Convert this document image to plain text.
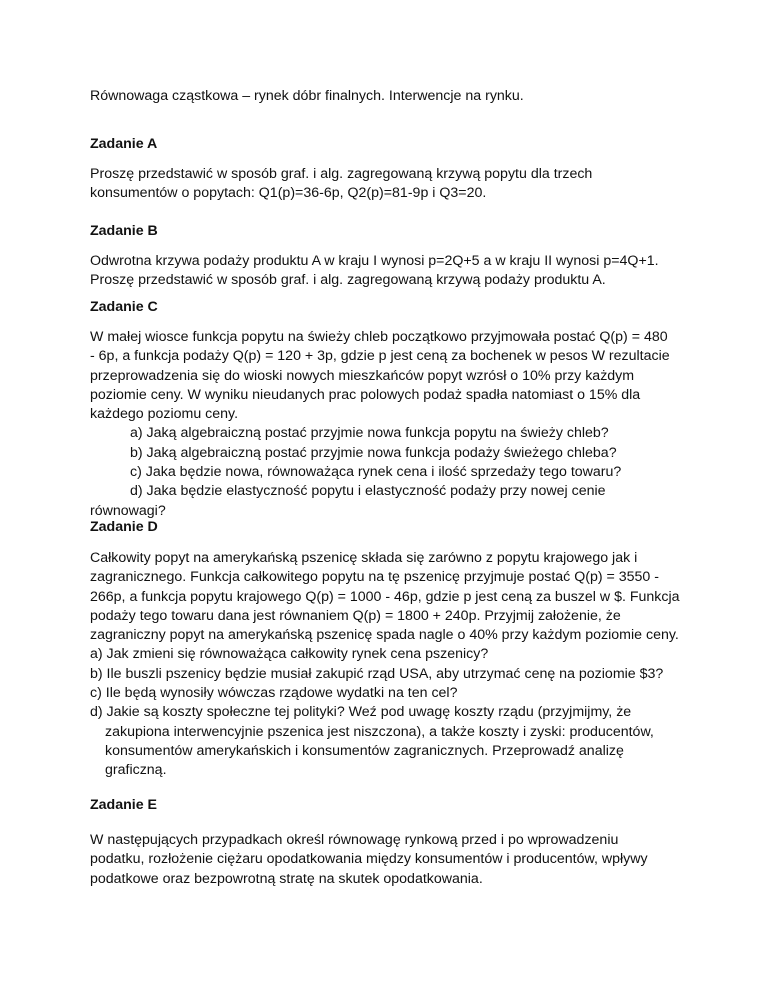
Równowaga cząstkowa – rynek dóbr finalnych. Interwencje na rynku.

Zadanie A

Proszę przedstawić w sposób graf. i alg. zagregowaną krzywą popytu dla trzech

konsumentów o popytach: Q1(p)=36-6p, Q2(p)=81-9p i Q3=20.

Zadanie B

Odwrotna krzywa podaży produktu A w kraju I wynosi p=2Q+5 a w kraju II wynosi p=4Q+1.

Proszę przedstawić w sposób graf. i alg. zagregowaną krzywą podaży produktu A.

Zadanie C

W małej wiosce funkcja popytu na świeży chleb początkowo przyjmowała postać Q(p) = 480

- 6p, a funkcja podaży Q(p) = 120 + 3p, gdzie p jest ceną za bochenek w pesos W rezultacie

przeprowadzenia się do wioski nowych mieszkańców popyt wzrósł o 10% przy każdym

poziomie ceny. W wyniku nieudanych prac polowych podaż spadła natomiast o 15% dla

każdego poziomu ceny.

a) Jaką algebraiczną postać przyjmie nowa funkcja popytu na świeży chleb?

b) Jaką algebraiczną postać przyjmie nowa funkcja podaży świeżego chleba?

c) Jaka będzie nowa, równoważąca rynek cena i ilość sprzedaży tego towaru?

d) Jaka będzie elastyczność popytu i elastyczność podaży przy nowej cenie

równowagi?

Zadanie D

Całkowity popyt na amerykańską pszenicę składa się zarówno z popytu krajowego jak i

zagranicznego. Funkcja całkowitego popytu na tę pszenicę przyjmuje postać Q(p) = 3550 -

266p, a funkcja popytu krajowego Q(p) = 1000 - 46p, gdzie p jest ceną za buszel w $. Funkcja

podaży tego towaru dana jest równaniem Q(p) = 1800 + 240p. Przyjmij założenie, że

zagraniczny popyt na amerykańską pszenicę spada nagle o 40% przy każdym poziomie ceny.

a) Jak zmieni się równoważąca całkowity rynek cena pszenicy?

b) Ile buszli pszenicy będzie musiał zakupić rząd USA, aby utrzymać cenę na poziomie $3?

c) Ile będą wynosiły wówczas rządowe wydatki na ten cel?

d) Jakie są koszty społeczne tej polityki? Weź pod uwagę koszty rządu (przyjmijmy, że

zakupiona interwencyjnie pszenica jest niszczona), a także koszty i zyski: producentów,

konsumentów amerykańskich i konsumentów zagranicznych. Przeprowadź analizę

graficzną.

Zadanie E

W następujących przypadkach określ równowagę rynkową przed i po wprowadzeniu

podatku, rozłożenie ciężaru opodatkowania między konsumentów i producentów, wpływy

podatkowe oraz bezpowrotną stratę na skutek opodatkowania.
